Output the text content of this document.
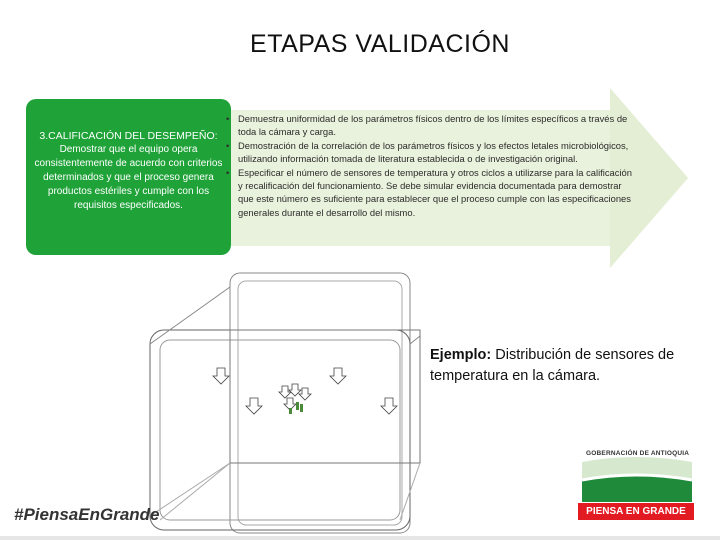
ETAPAS VALIDACIÓN
3.CALIFICACIÓN DEL DESEMPEÑO:
Demostrar que el equipo opera consistentemente de acuerdo con criterios determinados y que el proceso genera productos estériles y cumple con los requisitos especificados.
• Demuestra uniformidad de los parámetros físicos dentro de los límites específicos a través de toda la cámara y carga.
• Demostración de la correlación de los parámetros físicos y los efectos letales microbiológicos, utilizando información tomada de literatura establecida o de investigación original.
• Especificar el número de sensores de temperatura y otros ciclos a utilizarse para la calificación y recalificación del funcionamiento. Se debe simular evidencia documentada para demostrar que este número es suficiente para establecer que el proceso cumple con las especificaciones generales durante el desarrollo del mismo.
Ejemplo: Distribución de sensores de temperatura en la cámara.
#PiensaEnGrande
GOBERNACIÓN DE ANTIOQUIA
PIENSA EN GRANDE
